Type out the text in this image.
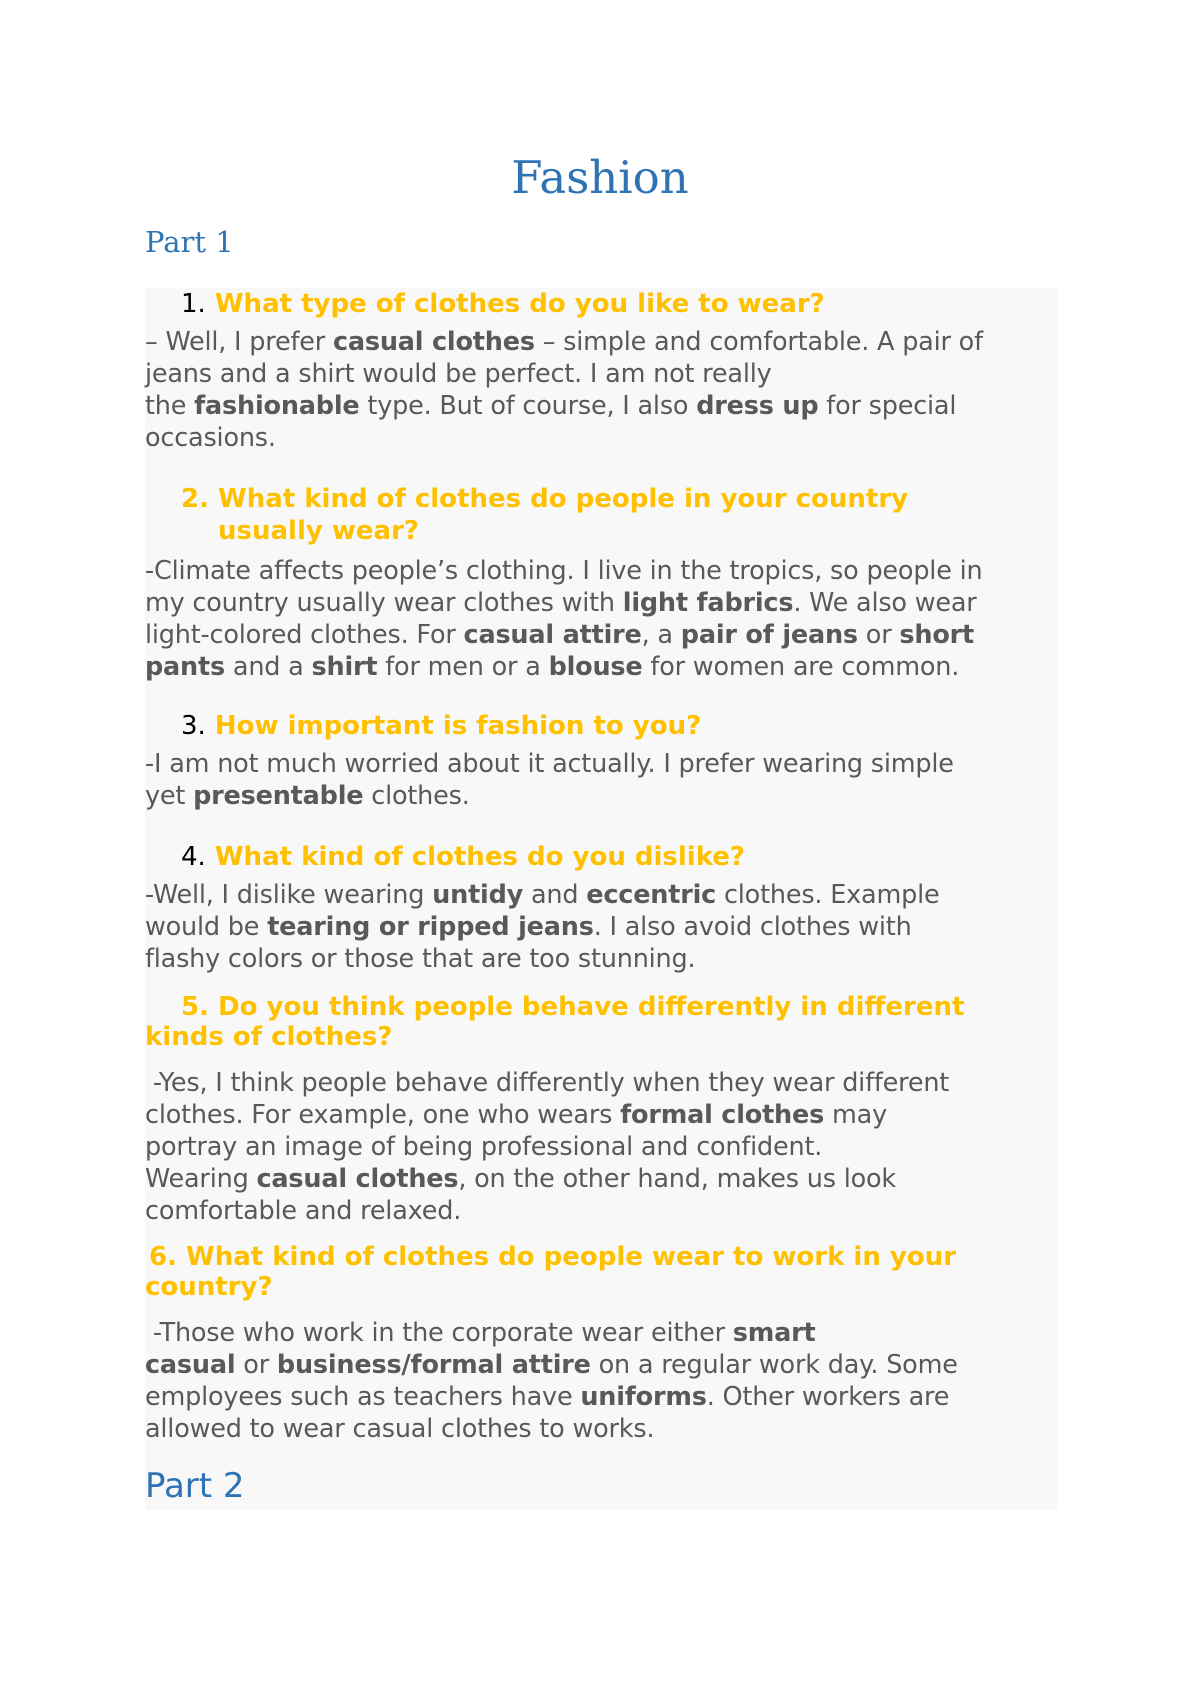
Fashion
Part 1

1. What type of clothes do you like to wear?

– Well, I prefer casual clothes – simple and comfortable. A pair of
jeans and a shirt would be perfect. I am not really
the fashionable type. But of course, I also dress up for special
occasions.

2. What kind of clothes do people in your country
usually wear?

-Climate affects people’s clothing. I live in the tropics, so people in
my country usually wear clothes with light fabrics. We also wear
light-colored clothes. For casual attire, a pair of jeans or short
pants and a shirt for men or a blouse for women are common.

3. How important is fashion to you?

-I am not much worried about it actually. I prefer wearing simple
yet presentable clothes.

4. What kind of clothes do you dislike?

-Well, I dislike wearing untidy and eccentric clothes. Example
would be tearing or ripped jeans. I also avoid clothes with
flashy colors or those that are too stunning.

5. Do you think people behave differently in different

kinds of clothes?

-Yes, I think people behave differently when they wear different
clothes. For example, one who wears formal clothes may
portray an image of being professional and confident.
Wearing casual clothes, on the other hand, makes us look
comfortable and relaxed.

6. What kind of clothes do people wear to work in your

country?

-Those who work in the corporate wear either smart
casual or business/formal attire on a regular work day. Some
employees such as teachers have uniforms. Other workers are
allowed to wear casual clothes to works.

Part 2
